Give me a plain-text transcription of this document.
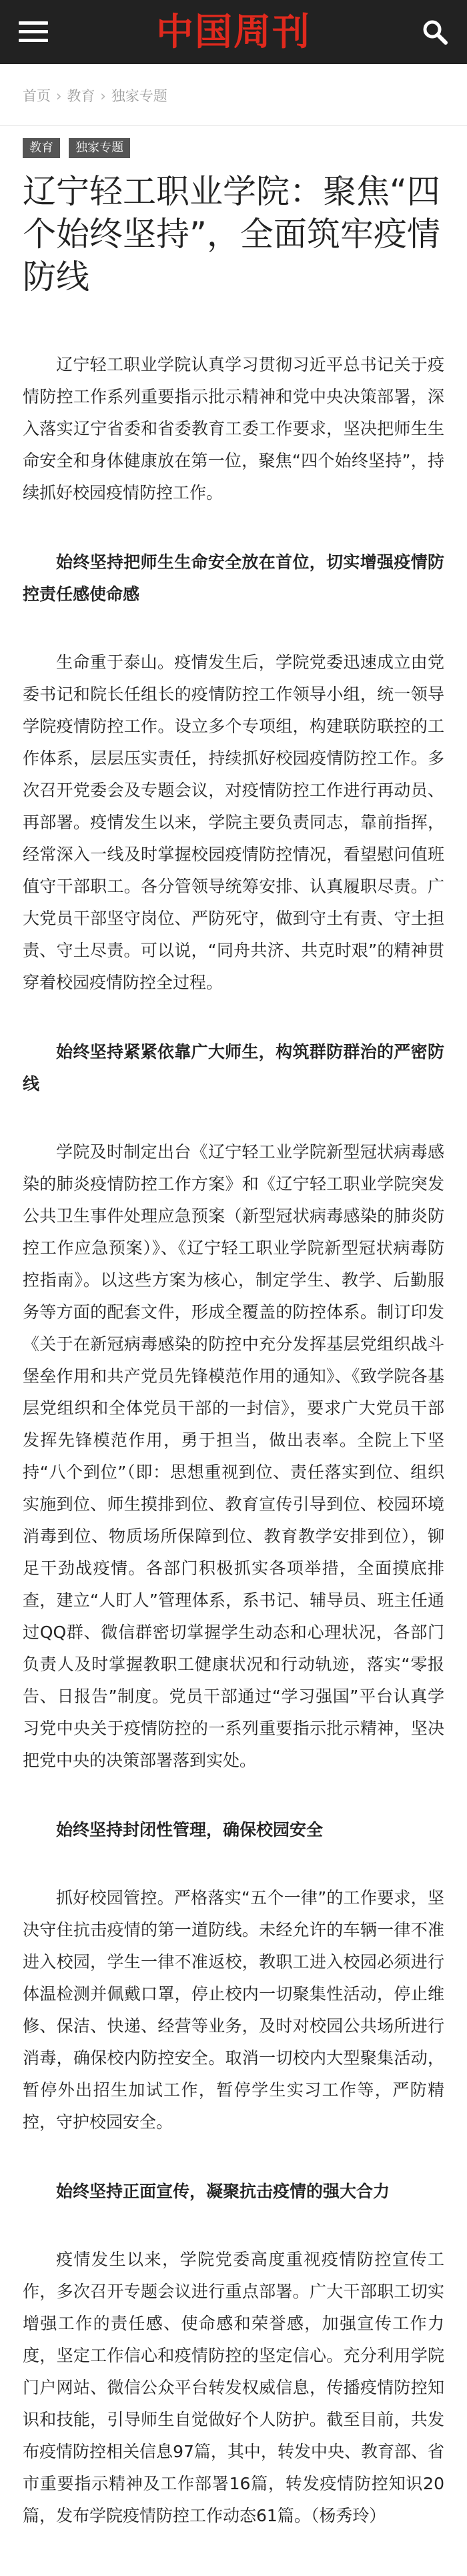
中国周刊
首页 › 教育 › 独家专题
教育 独家专题
辽宁轻工职业学院：聚焦“四个始终坚持”，全面筑牢疫情防线

辽宁轻工职业学院认真学习贯彻习近平总书记关于疫情防控工作系列重要指示批示精神和党中央决策部署，深入落实辽宁省委和省委教育工委工作要求，坚决把师生生命安全和身体健康放在第一位，聚焦“四个始终坚持”，持续抓好校园疫情防控工作。

始终坚持把师生生命安全放在首位，切实增强疫情防控责任感使命感

生命重于泰山。疫情发生后，学院党委迅速成立由党委书记和院长任组长的疫情防控工作领导小组，统一领导学院疫情防控工作。设立多个专项组，构建联防联控的工作体系，层层压实责任，持续抓好校园疫情防控工作。多次召开党委会及专题会议，对疫情防控工作进行再动员、再部署。疫情发生以来，学院主要负责同志，靠前指挥，经常深入一线及时掌握校园疫情防控情况，看望慰问值班值守干部职工。各分管领导统筹安排、认真履职尽责。广大党员干部坚守岗位、严防死守，做到守土有责、守土担责、守土尽责。可以说，“同舟共济、共克时艰”的精神贯穿着校园疫情防控全过程。

始终坚持紧紧依靠广大师生，构筑群防群治的严密防线

学院及时制定出台《辽宁轻工业学院新型冠状病毒感染的肺炎疫情防控工作方案》和《辽宁轻工职业学院突发公共卫生事件处理应急预案（新型冠状病毒感染的肺炎防控工作应急预案）》、《辽宁轻工职业学院新型冠状病毒防控指南》。以这些方案为核心，制定学生、教学、后勤服务等方面的配套文件，形成全覆盖的防控体系。制订印发《关于在新冠病毒感染的防控中充分发挥基层党组织战斗堡垒作用和共产党员先锋模范作用的通知》、《致学院各基层党组织和全体党员干部的一封信》，要求广大党员干部发挥先锋模范作用，勇于担当，做出表率。全院上下坚持“八个到位”（即：思想重视到位、责任落实到位、组织实施到位、师生摸排到位、教育宣传引导到位、校园环境消毒到位、物质场所保障到位、教育教学安排到位），铆足干劲战疫情。各部门积极抓实各项举措，全面摸底排查，建立“人盯人”管理体系，系书记、辅导员、班主任通过QQ群、微信群密切掌握学生动态和心理状况，各部门负责人及时掌握教职工健康状况和行动轨迹，落实“零报告、日报告”制度。党员干部通过“学习强国”平台认真学习党中央关于疫情防控的一系列重要指示批示精神，坚决把党中央的决策部署落到实处。

始终坚持封闭性管理，确保校园安全

抓好校园管控。严格落实“五个一律”的工作要求，坚决守住抗击疫情的第一道防线。未经允许的车辆一律不准进入校园，学生一律不准返校，教职工进入校园必须进行体温检测并佩戴口罩，停止校内一切聚集性活动，停止维修、保洁、快递、经营等业务，及时对校园公共场所进行消毒，确保校内防控安全。取消一切校内大型聚集活动，暂停外出招生加试工作，暂停学生实习工作等，严防精控，守护校园安全。

始终坚持正面宣传，凝聚抗击疫情的强大合力

疫情发生以来，学院党委高度重视疫情防控宣传工作，多次召开专题会议进行重点部署。广大干部职工切实增强工作的责任感、使命感和荣誉感，加强宣传工作力度，坚定工作信心和疫情防控的坚定信心。充分利用学院门户网站、微信公众平台转发权威信息，传播疫情防控知识和技能，引导师生自觉做好个人防护。截至目前，共发布疫情防控相关信息97篇，其中，转发中央、教育部、省市重要指示精神及工作部署16篇，转发疫情防控知识20篇，发布学院疫情防控工作动态61篇。（杨秀玲）
